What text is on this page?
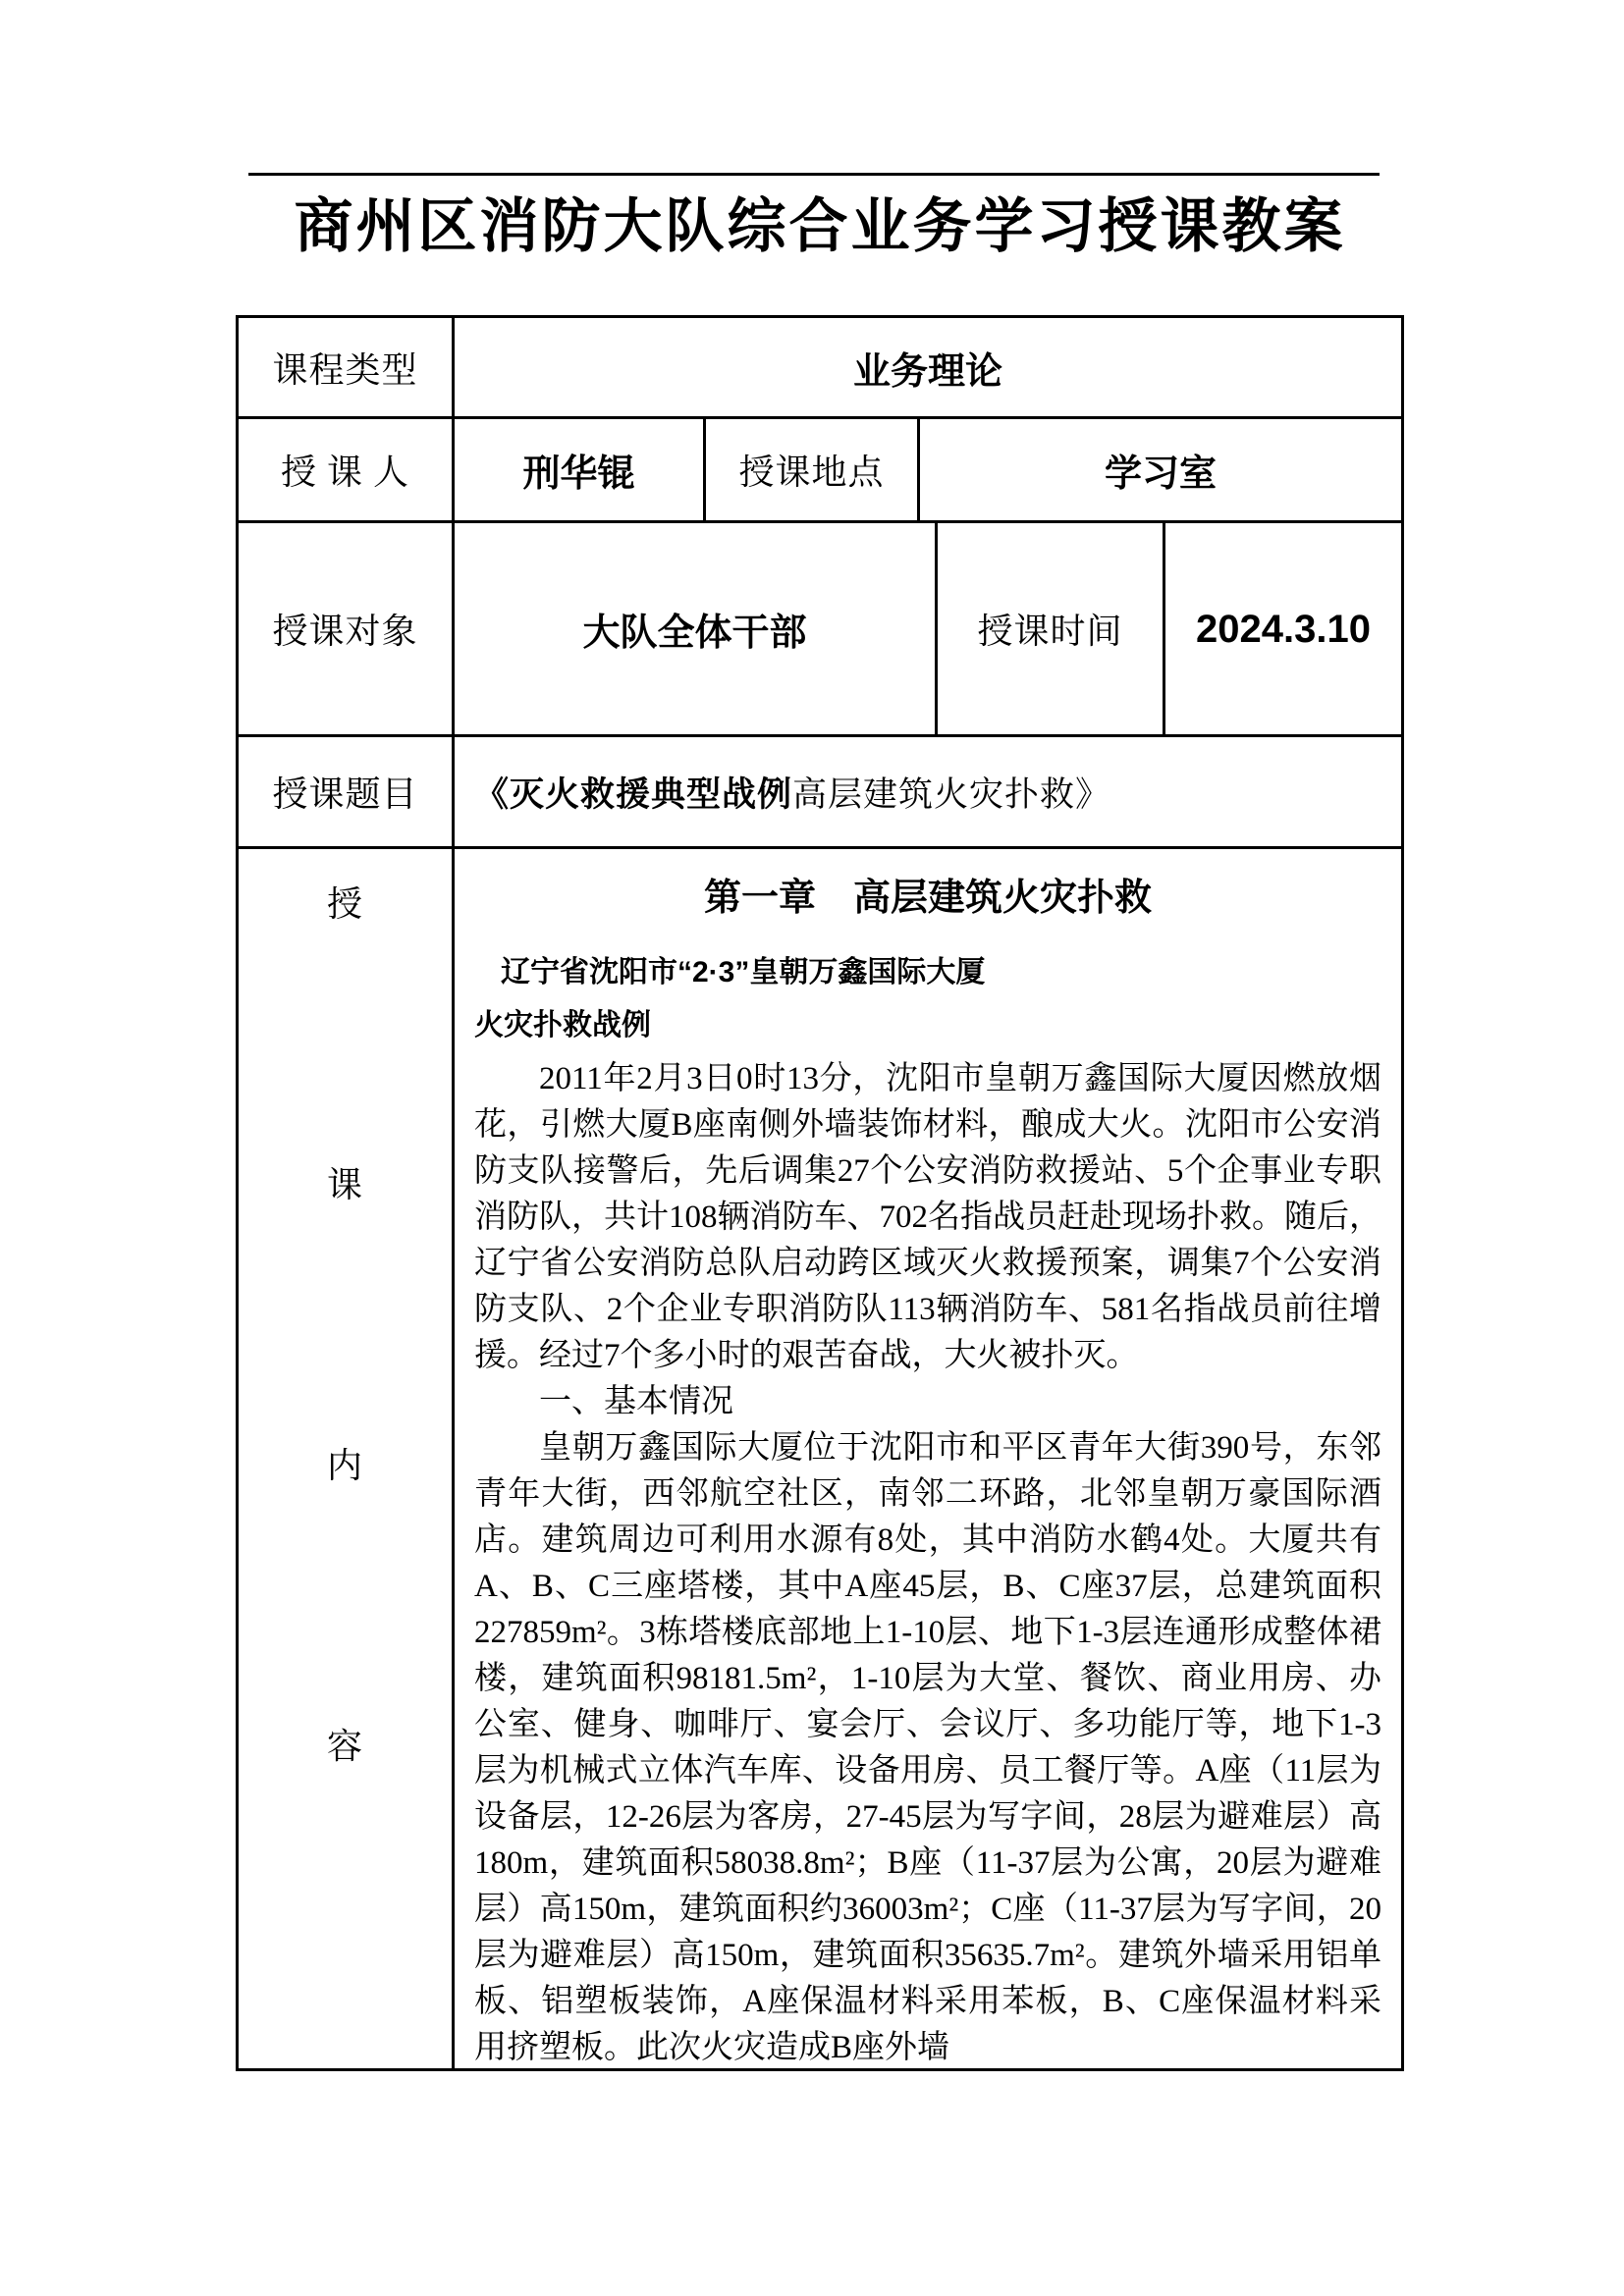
商州区消防大队综合业务学习授课教案
课程类型	业务理论
授 课 人	刑华锟	授课地点	学习室
授课对象	大队全体干部	授课时间	2024.3.10
授课题目	《灭火救援典型战例 高层建筑火灾扑救》
授
课
内
容
第一章　高层建筑火灾扑救
辽宁省沈阳市“2·3”皇朝万鑫国际大厦
火灾扑救战例

2011年2月3日0时13分，沈阳市皇朝万鑫国际大厦因燃放烟花，引燃大厦B座南侧外墙装饰材料，酿成大火。沈阳市公安消防支队接警后，先后调集27个公安消防救援站、5个企事业专职消防队，共计108辆消防车、702名指战员赶赴现场扑救。随后，辽宁省公安消防总队启动跨区域灭火救援预案，调集7个公安消防支队、2个企业专职消防队113辆消防车、581名指战员前往增援。经过7个多小时的艰苦奋战，大火被扑灭。

一、基本情况

皇朝万鑫国际大厦位于沈阳市和平区青年大街390号，东邻青年大街，西邻航空社区，南邻二环路，北邻皇朝万豪国际酒店。建筑周边可利用水源有8处，其中消防水鹤4处。大厦共有A、B、C三座塔楼，其中A座45层，B、C座37层，总建筑面积227859m²。3栋塔楼底部地上1-10层、地下1-3层连通形成整体裙楼，建筑面积98181.5m²，1-10层为大堂、餐饮、商业用房、办公室、健身、咖啡厅、宴会厅、会议厅、多功能厅等，地下1-3层为机械式立体汽车库、设备用房、员工餐厅等。A座（11层为设备层，12-26层为客房，27-45层为写字间，28层为避难层）高180m，建筑面积58038.8m²；B座（11-37层为公寓，20层为避难层）高150m，建筑面积约36003m²；C座（11-37层为写字间，20层为避难层）高150m，建筑面积35635.7m²。建筑外墙采用铝单板、铝塑板装饰，A座保温材料采用苯板，B、C座保温材料采用挤塑板。此次火灾造成B座外墙
